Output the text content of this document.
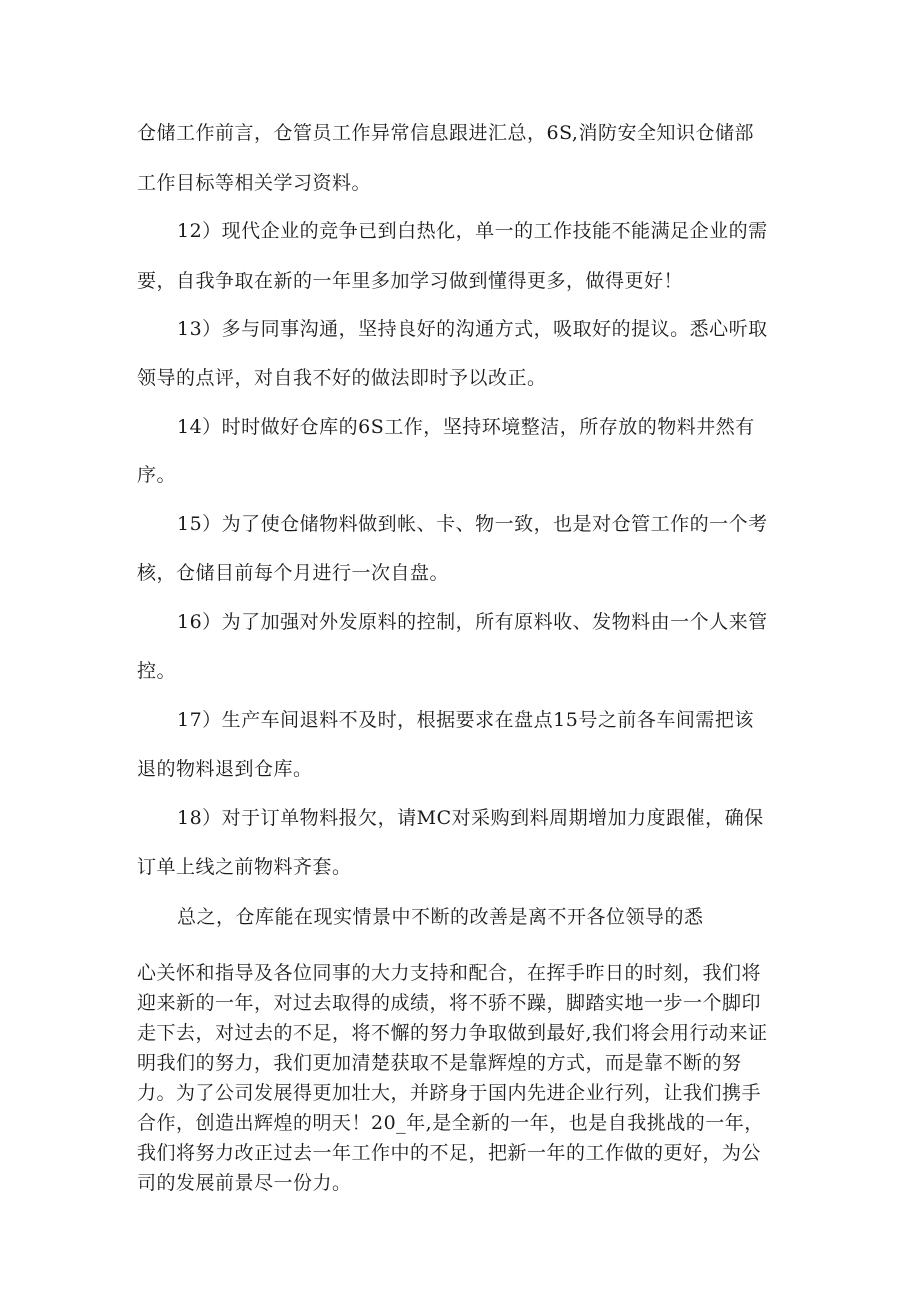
仓储工作前言，仓管员工作异常信息跟进汇总，6S,消防安全知识仓储部
工作目标等相关学习资料。
12）现代企业的竞争已到白热化，单一的工作技能不能满足企业的需
要，自我争取在新的一年里多加学习做到懂得更多，做得更好！
13）多与同事沟通，坚持良好的沟通方式，吸取好的提议。悉心听取
领导的点评，对自我不好的做法即时予以改正。
14）时时做好仓库的6S工作，坚持环境整洁，所存放的物料井然有
序。
15）为了使仓储物料做到帐、卡、物一致，也是对仓管工作的一个考
核，仓储目前每个月进行一次自盘。
16）为了加强对外发原料的控制，所有原料收、发物料由一个人来管
控。
17）生产车间退料不及时，根据要求在盘点15号之前各车间需把该
退的物料退到仓库。
18）对于订单物料报欠，请MC对采购到料周期增加力度跟催，确保
订单上线之前物料齐套。
总之，仓库能在现实情景中不断的改善是离不开各位领导的悉
心关怀和指导及各位同事的大力支持和配合，在挥手昨日的时刻，我们将
迎来新的一年，对过去取得的成绩，将不骄不躁，脚踏实地一步一个脚印
走下去，对过去的不足，将不懈的努力争取做到最好,我们将会用行动来证
明我们的努力，我们更加清楚获取不是靠辉煌的方式，而是靠不断的努
力。为了公司发展得更加壮大，并跻身于国内先进企业行列，让我们携手
合作，创造出辉煌的明天！20_年,是全新的一年，也是自我挑战的一年，
我们将努力改正过去一年工作中的不足，把新一年的工作做的更好，为公
司的发展前景尽一份力。
